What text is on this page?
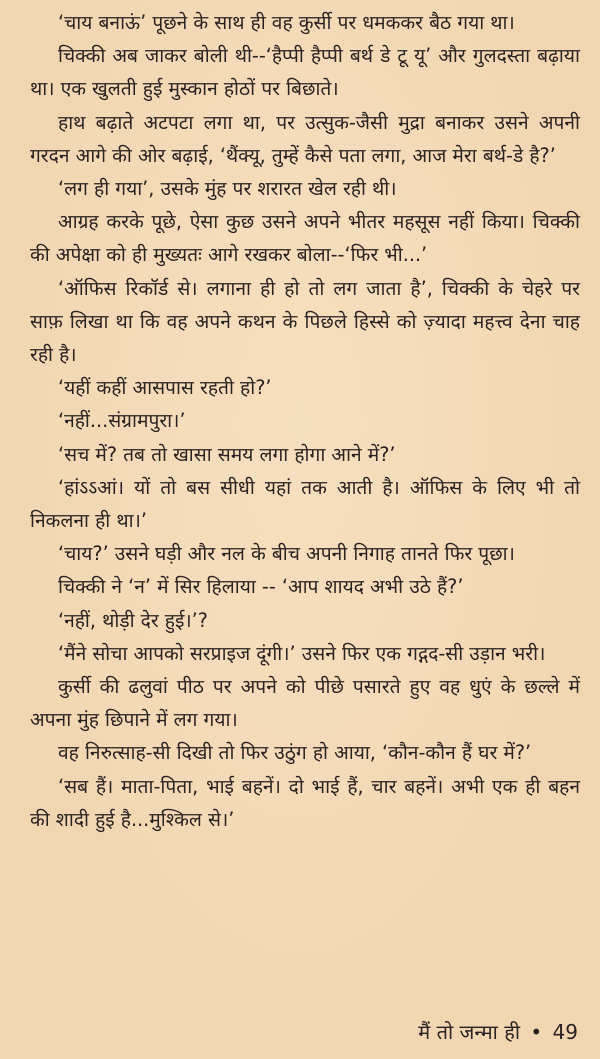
‘चाय बनाऊं’ पूछने के साथ ही वह कुर्सी पर धमककर बैठ गया था।

चिक्की अब जाकर बोली थी--‘हैप्पी हैप्पी बर्थ डे टू यू’ और गुलदस्ता बढ़ाया था। एक खुलती हुई मुस्कान होठों पर बिछाते।

हाथ बढ़ाते अटपटा लगा था, पर उत्सुक-जैसी मुद्रा बनाकर उसने अपनी गरदन आगे की ओर बढ़ाई, ‘थैंक्यू, तुम्हें कैसे पता लगा, आज मेरा बर्थ-डे है?’

‘लग ही गया’, उसके मुंह पर शरारत खेल रही थी।

आग्रह करके पूछे, ऐसा कुछ उसने अपने भीतर महसूस नहीं किया। चिक्की की अपेक्षा को ही मुख्यतः आगे रखकर बोला--‘फिर भी...’

‘ऑफिस रिकॉर्ड से। लगाना ही हो तो लग जाता है’, चिक्की के चेहरे पर साफ़ लिखा था कि वह अपने कथन के पिछले हिस्से को ज़्यादा महत्त्व देना चाह रही है।

‘यहीं कहीं आसपास रहती हो?’

‘नहीं...संग्रामपुरा।’

‘सच में? तब तो खासा समय लगा होगा आने में?’

‘हांऽऽआं। यों तो बस सीधी यहां तक आती है। ऑफिस के लिए भी तो निकलना ही था।’

‘चाय?’ उसने घड़ी और नल के बीच अपनी निगाह तानते फिर पूछा।

चिक्की ने ‘न’ में सिर हिलाया -- ‘आप शायद अभी उठे हैं?’

‘नहीं, थोड़ी देर हुई।’?

‘मैंने सोचा आपको सरप्राइज दूंगी।’ उसने फिर एक गद्गद-सी उड़ान भरी।

कुर्सी की ढलुवां पीठ पर अपने को पीछे पसारते हुए वह धुएं के छल्ले में अपना मुंह छिपाने में लग गया।

वह निरुत्साह-सी दिखी तो फिर उठुंग हो आया, ‘कौन-कौन हैं घर में?’

‘सब हैं। माता-पिता, भाई बहनें। दो भाई हैं, चार बहनें। अभी एक ही बहन की शादी हुई है...मुश्किल से।’

मैं तो जन्मा ही • 49
